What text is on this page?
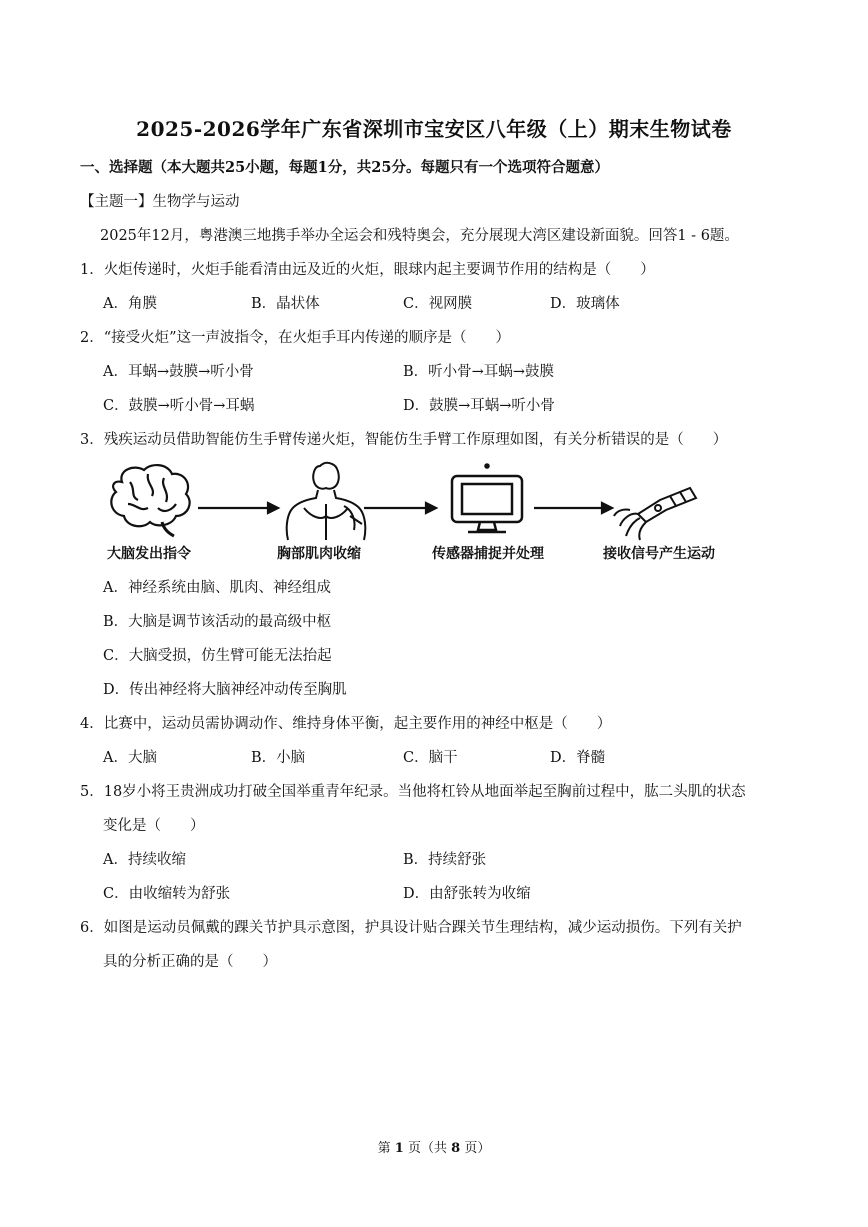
2025-2026学年广东省深圳市宝安区八年级（上）期末生物试卷
一、选择题（本大题共25小题，每题1分，共25分。每题只有一个选项符合题意）
【主题一】生物学与运动
2025年12月，粤港澳三地携手举办全运会和残特奥会，充分展现大湾区建设新面貌。回答1 - 6题。
1．火炬传递时，火炬手能看清由远及近的火炬，眼球内起主要调节作用的结构是（　　）
A．角膜	B．晶状体	C．视网膜	D．玻璃体
2．“接受火炬”这一声波指令，在火炬手耳内传递的顺序是（　　）
A．耳蜗→鼓膜→听小骨	B．听小骨→耳蜗→鼓膜
C．鼓膜→听小骨→耳蜗	D．鼓膜→耳蜗→听小骨
3．残疾运动员借助智能仿生手臂传递火炬，智能仿生手臂工作原理如图，有关分析错误的是（　　）
大脑发出指令	胸部肌肉收缩	传感器捕捉并处理	接收信号产生运动
A．神经系统由脑、肌肉、神经组成
B．大脑是调节该活动的最高级中枢
C．大脑受损，仿生臂可能无法抬起
D．传出神经将大脑神经冲动传至胸肌
4．比赛中，运动员需协调动作、维持身体平衡，起主要作用的神经中枢是（　　）
A．大脑	B．小脑	C．脑干	D．脊髓
5．18岁小将王贵洲成功打破全国举重青年纪录。当他将杠铃从地面举起至胸前过程中，肱二头肌的状态
变化是（　　）
A．持续收缩	B．持续舒张
C．由收缩转为舒张	D．由舒张转为收缩
6．如图是运动员佩戴的踝关节护具示意图，护具设计贴合踝关节生理结构，减少运动损伤。下列有关护
具的分析正确的是（　　）
第 1 页（共 8 页）
